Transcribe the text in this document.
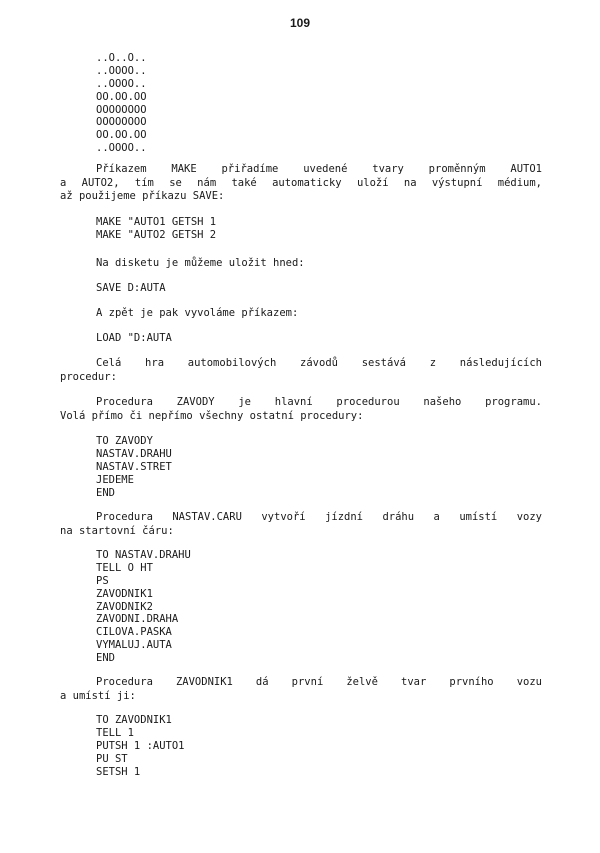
109
..O..O..
..OOOO..
..OOOO..
OO.OO.OO
OOOOOOOO
OOOOOOOO
OO.OO.OO
..OOOO..
Příkazem MAKE přiřadíme uvedené tvary proměnným AUTO1
a AUTO2, tím se nám také automaticky uloží na výstupní médium,
až použijeme příkazu SAVE:
MAKE "AUTO1 GETSH 1
MAKE "AUTO2 GETSH 2
Na disketu je můžeme uložit hned:
SAVE D:AUTA
A zpět je pak vyvoláme příkazem:
LOAD "D:AUTA
Celá hra automobilových závodů sestává z následujících
procedur:
Procedura ZAVODY je hlavní procedurou našeho programu.
Volá přímo či nepřímo všechny ostatní procedury:
TO ZAVODY
NASTAV.DRAHU
NASTAV.STRET
JEDEME
END
Procedura NASTAV.CARU vytvoří jízdní dráhu a umístí vozy
na startovní čáru:
TO NASTAV.DRAHU
TELL O HT
PS
ZAVODNIK1
ZAVODNIK2
ZAVODNI.DRAHA
CILOVA.PASKA
VYMALUJ.AUTA
END
Procedura ZAVODNIK1 dá první želvě tvar prvního vozu
a umístí ji:
TO ZAVODNIK1
TELL 1
PUTSH 1 :AUTO1
PU ST
SETSH 1
